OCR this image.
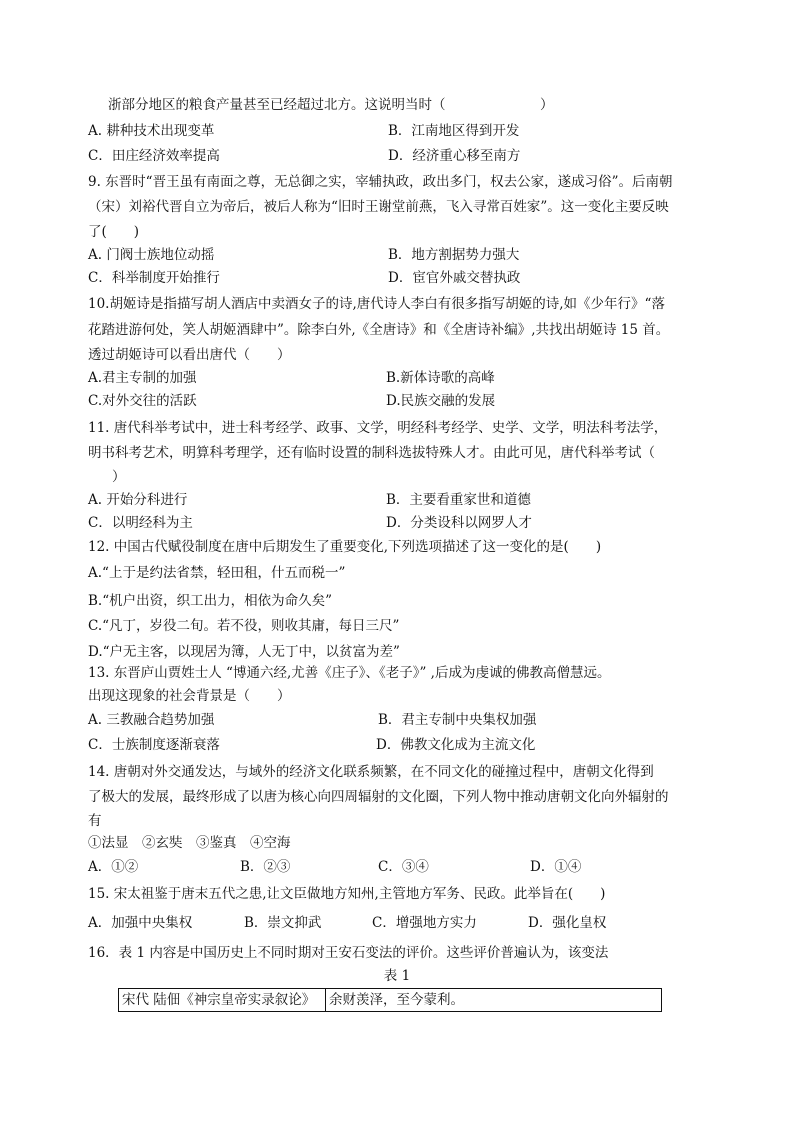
浙部分地区的粮食产量甚至已经超过北方。这说明当时（　　　　　　　）
A. 耕种技术出现变革	B．江南地区得到开发
C．田庄经济效率提高	D．经济重心移至南方
9. 东晋时“晋王虽有南面之尊，无总御之实，宰辅执政，政出多门，权去公家，遂成习俗”。后南朝
（宋）刘裕代晋自立为帝后，被后人称为“旧时王谢堂前燕，飞入寻常百姓家”。这一变化主要反映
了(　　)
A. 门阀士族地位动摇	B．地方割据势力强大
C．科举制度开始推行	D．宦官外戚交替执政
10.胡姬诗是指描写胡人酒店中卖酒女子的诗,唐代诗人李白有很多指写胡姬的诗,如《少年行》“落
花踏进游何处，笑人胡姬酒肆中”。除李白外,《全唐诗》和《全唐诗补编》,共找出胡姬诗 15 首。
透过胡姬诗可以看出唐代（　　）
A.君主专制的加强	B.新体诗歌的高峰
C.对外交往的活跃	D.民族交融的发展
11. 唐代科举考试中，进士科考经学、政事、文学，明经科考经学、史学、文学，明法科考法学，
明书科考艺术，明算科考理学，还有临时设置的制科选拔特殊人才。由此可见，唐代科举考试（
）
A. 开始分科进行	B．主要看重家世和道德
C．以明经科为主	D．分类设科以网罗人才
12. 中国古代赋役制度在唐中后期发生了重要变化,下列选项描述了这一变化的是(　　)
A.“上于是约法省禁，轻田租，什五而税一”
B.“机户出资，织工出力，相依为命久矣”
C.“凡丁，岁役二旬。若不役，则收其庸，每日三尺”
D.“户无主客，以现居为簿，人无丁中，以贫富为差”
13. 东晋庐山贾姓士人 “博通六经,尤善《庄子》、《老子》” ,后成为虔诚的佛教高僧慧远。
出现这现象的社会背景是（　　）
A. 三教融合趋势加强	B．君主专制中央集权加强
C．士族制度逐渐衰落	D．佛教文化成为主流文化
14. 唐朝对外交通发达，与域外的经济文化联系频繁，在不同文化的碰撞过程中，唐朝文化得到
了极大的发展，最终形成了以唐为核心向四周辐射的文化圈，下列人物中推动唐朝文化向外辐射的
有
①法显　②玄奘　③鉴真　④空海
A．①②	B．②③	C．③④	D．①④
15. 宋太祖鉴于唐末五代之患,让文臣做地方知州,主管地方军务、民政。此举旨在(　　)
A．加强中央集权	B．崇文抑武	C．增强地方实力	D．强化皇权
16．表 1 内容是中国历史上不同时期对王安石变法的评价。这些评价普遍认为，该变法
表 1
宋代 陆佃《神宗皇帝实录叙论》	余财羡泽，至今蒙利。
